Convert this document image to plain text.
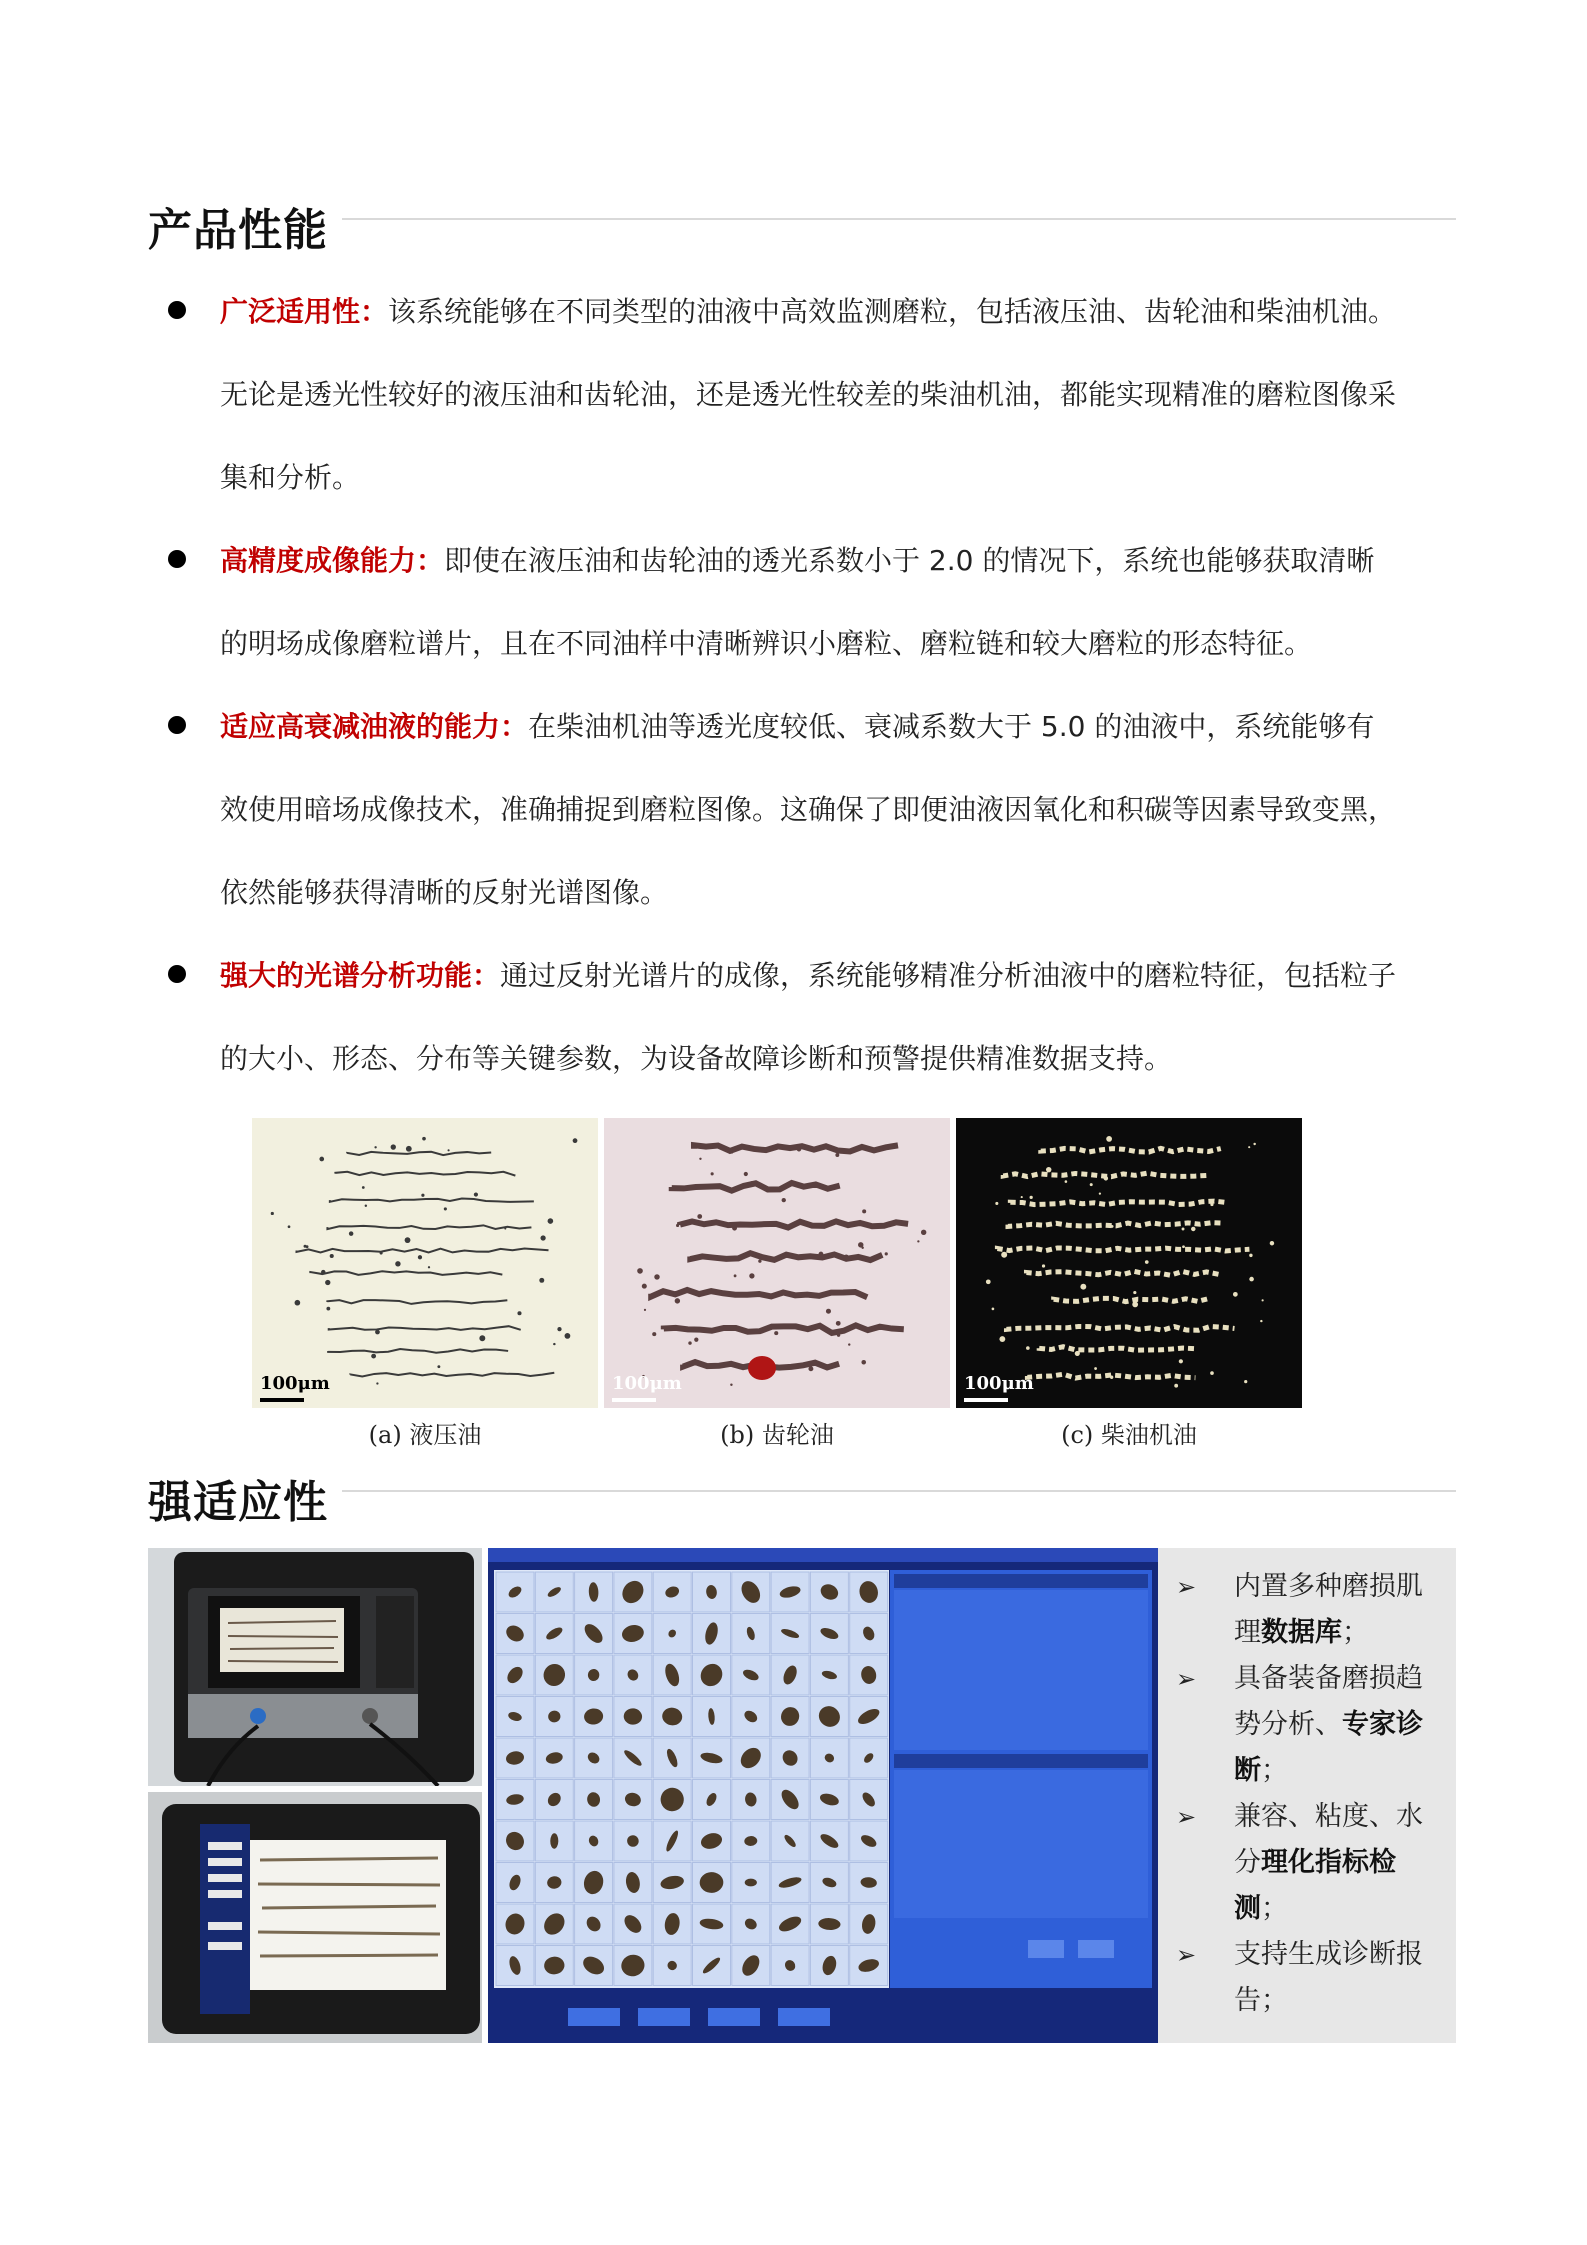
产品性能
广泛适用性：该系统能够在不同类型的油液中高效监测磨粒，包括液压油、齿轮油和柴油机油。
无论是透光性较好的液压油和齿轮油，还是透光性较差的柴油机油，都能实现精准的磨粒图像采
集和分析。
高精度成像能力：即使在液压油和齿轮油的透光系数小于 2.0 的情况下，系统也能够获取清晰
的明场成像磨粒谱片，且在不同油样中清晰辨识小磨粒、磨粒链和较大磨粒的形态特征。
适应高衰减油液的能力：在柴油机油等透光度较低、衰减系数大于 5.0 的油液中，系统能够有
效使用暗场成像技术，准确捕捉到磨粒图像。这确保了即便油液因氧化和积碳等因素导致变黑，
依然能够获得清晰的反射光谱图像。
强大的光谱分析功能：通过反射光谱片的成像，系统能够精准分析油液中的磨粒特征，包括粒子
的大小、形态、分布等关键参数，为设备故障诊断和预警提供精准数据支持。
100μm	100μm	100μm
(a) 液压油	(b) 齿轮油	(c) 柴油机油
强适应性
➢ 内置多种磨损肌理数据库；
➢ 具备装备磨损趋势分析、专家诊断；
➢ 兼容、粘度、水分理化指标检测；
➢ 支持生成诊断报告；
